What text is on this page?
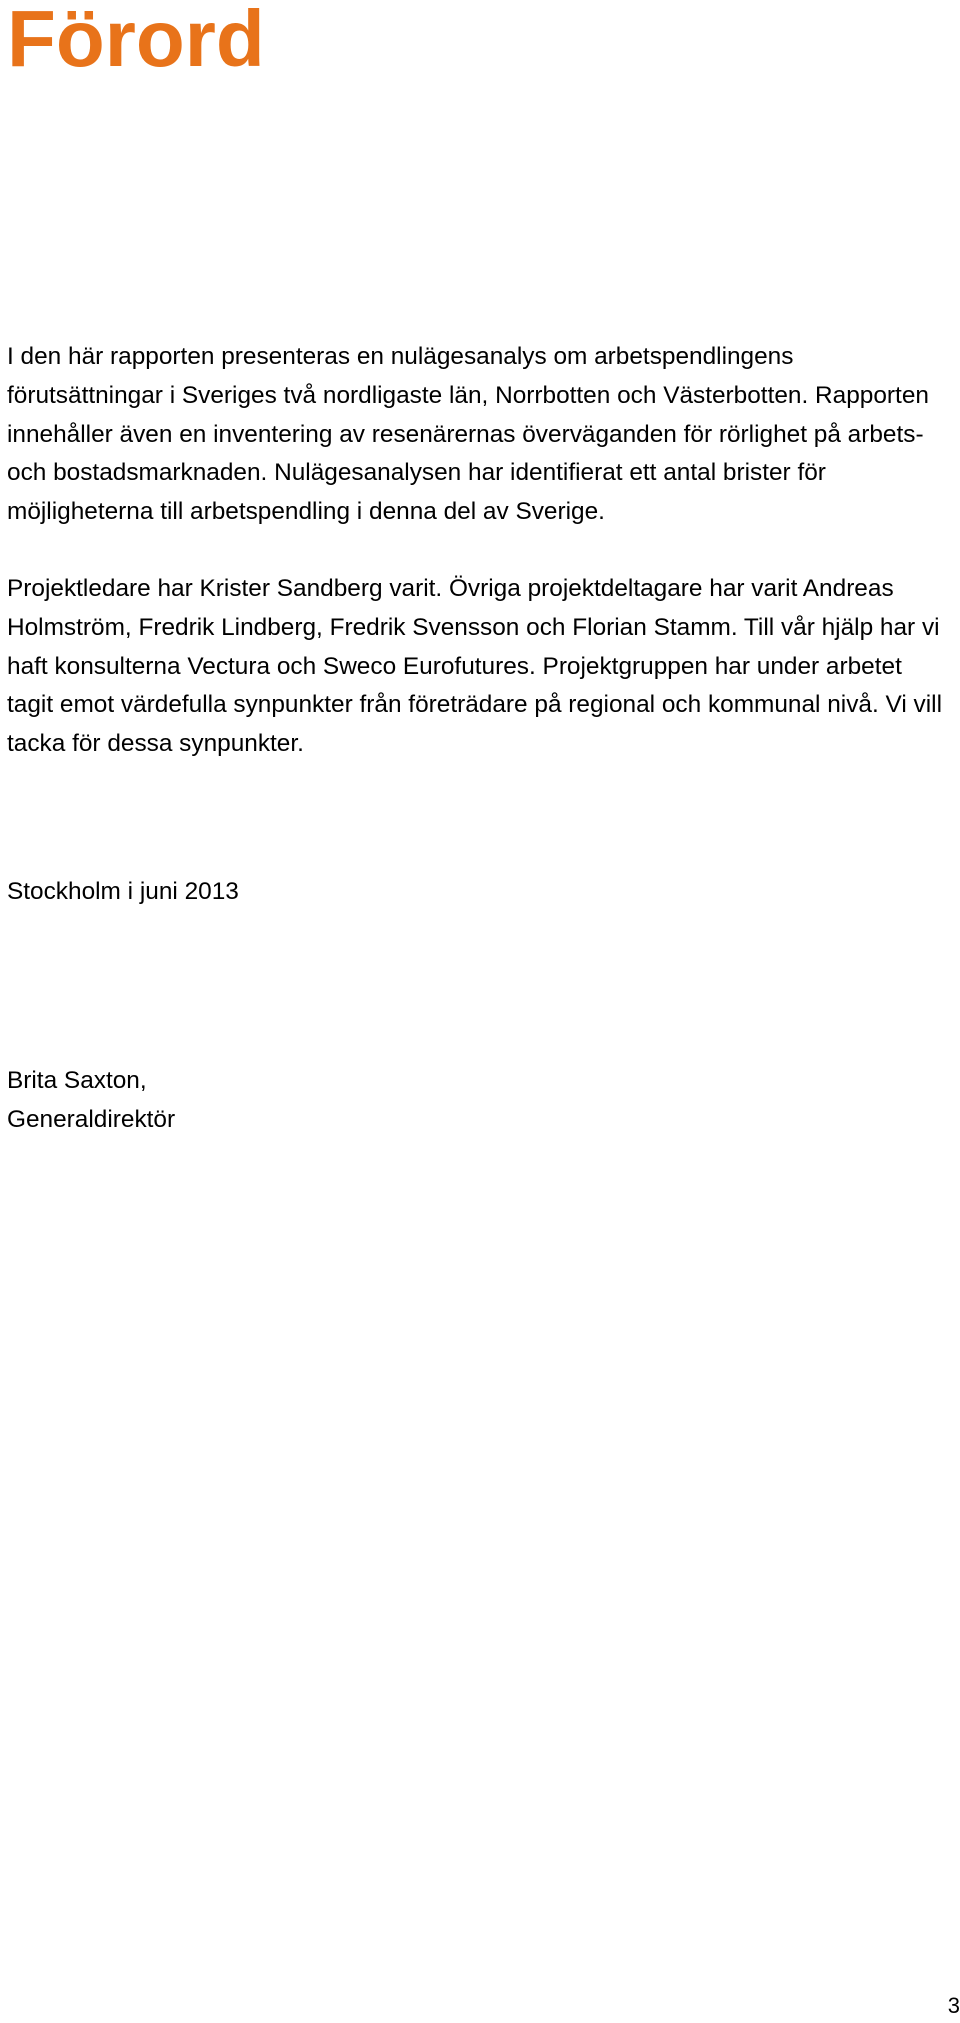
Förord

I den här rapporten presenteras en nulägesanalys om arbetspendlingens förutsättningar i Sveriges två nordligaste län, Norrbotten och Västerbotten. Rapporten innehåller även en inventering av resenärernas överväganden för rörlighet på arbets- och bostadsmarknaden. Nulägesanalysen har identifierat ett antal brister för möjligheterna till arbetspendling i denna del av Sverige.

Projektledare har Krister Sandberg varit. Övriga projektdeltagare har varit Andreas Holmström, Fredrik Lindberg, Fredrik Svensson och Florian Stamm. Till vår hjälp har vi haft konsulterna Vectura och Sweco Eurofutures. Projektgruppen har under arbetet tagit emot värdefulla synpunkter från företrädare på regional och kommunal nivå. Vi vill tacka för dessa synpunkter.

Stockholm i juni 2013

Brita Saxton,
Generaldirektör

3
